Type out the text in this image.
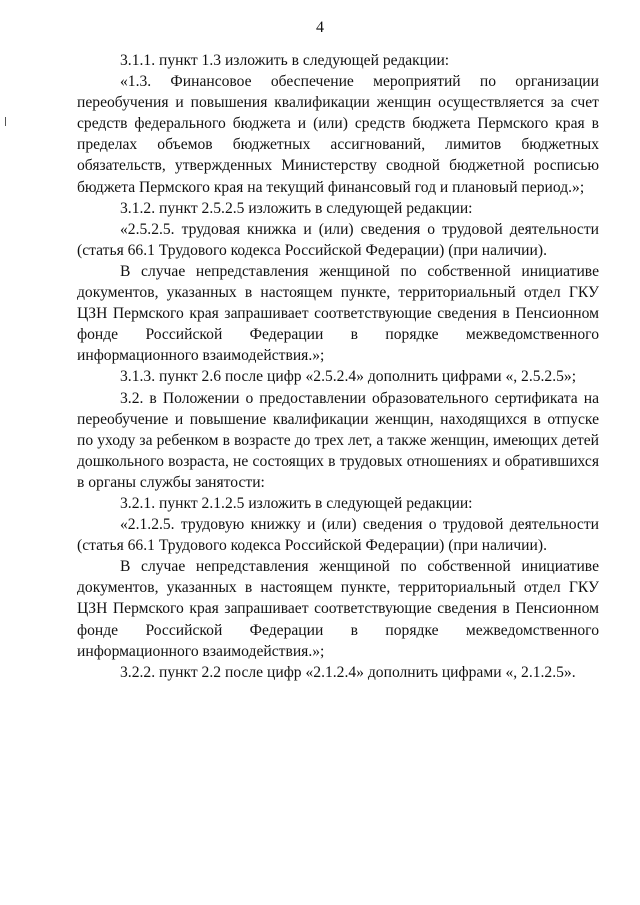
4

3.1.1. пункт 1.3 изложить в следующей редакции:

«1.3. Финансовое обеспечение мероприятий по организации переобучения и повышения квалификации женщин осуществляется за счет средств федерального бюджета и (или) средств бюджета Пермского края в пределах объемов бюджетных ассигнований, лимитов бюджетных обязательств, утвержденных Министерству сводной бюджетной росписью бюджета Пермского края на текущий финансовый год и плановый период.»;

3.1.2. пункт 2.5.2.5 изложить в следующей редакции:

«2.5.2.5. трудовая книжка и (или) сведения о трудовой деятельности (статья 66.1 Трудового кодекса Российской Федерации) (при наличии).

В случае непредставления женщиной по собственной инициативе документов, указанных в настоящем пункте, территориальный отдел ГКУ ЦЗН Пермского края запрашивает соответствующие сведения в Пенсионном фонде Российской Федерации в порядке межведомственного информационного взаимодействия.»;

3.1.3. пункт 2.6 после цифр «2.5.2.4» дополнить цифрами «, 2.5.2.5»;

3.2. в Положении о предоставлении образовательного сертификата на переобучение и повышение квалификации женщин, находящихся в отпуске по уходу за ребенком в возрасте до трех лет, а также женщин, имеющих детей дошкольного возраста, не состоящих в трудовых отношениях и обратившихся в органы службы занятости:

3.2.1. пункт 2.1.2.5 изложить в следующей редакции:

«2.1.2.5. трудовую книжку и (или) сведения о трудовой деятельности (статья 66.1 Трудового кодекса Российской Федерации) (при наличии).

В случае непредставления женщиной по собственной инициативе документов, указанных в настоящем пункте, территориальный отдел ГКУ ЦЗН Пермского края запрашивает соответствующие сведения в Пенсионном фонде Российской Федерации в порядке межведомственного информационного взаимодействия.»;

3.2.2. пункт 2.2 после цифр «2.1.2.4» дополнить цифрами «, 2.1.2.5».
